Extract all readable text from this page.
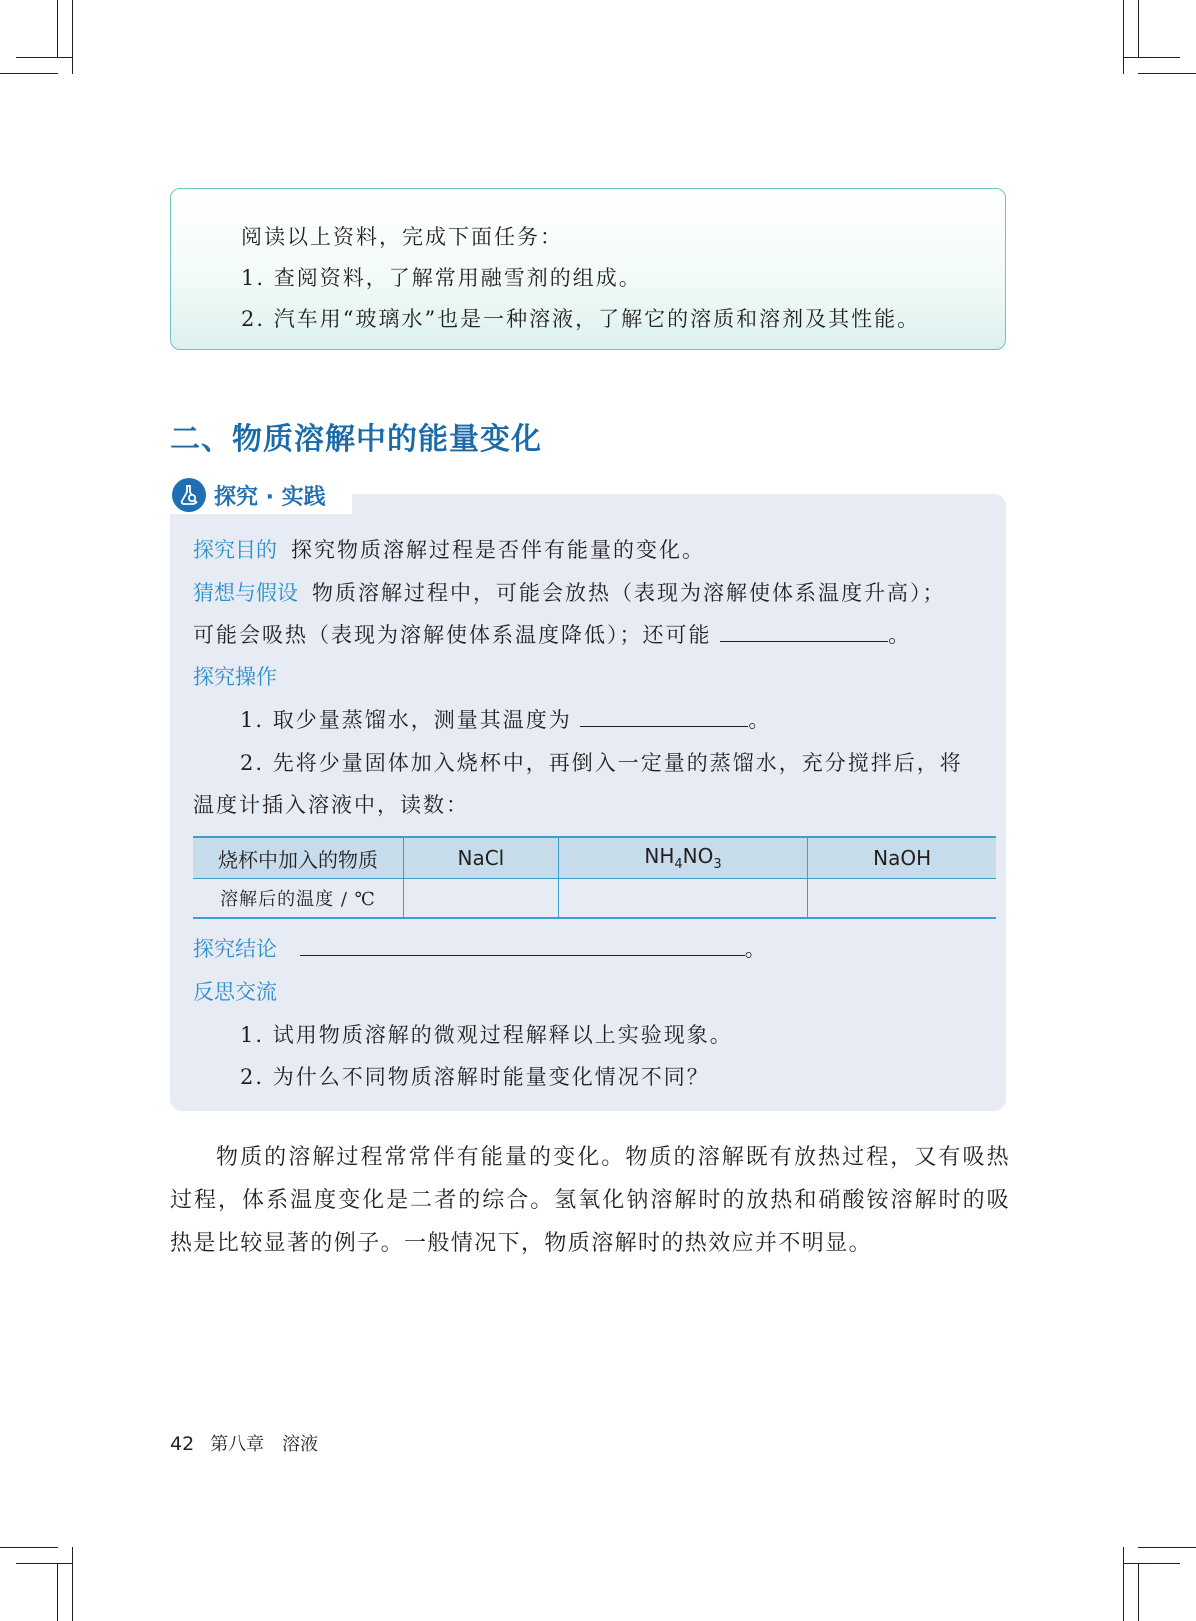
阅读以上资料，完成下面任务：
1. 查阅资料，了解常用融雪剂的组成。
2. 汽车用“玻璃水”也是一种溶液，了解它的溶质和溶剂及其性能。
二、物质溶解中的能量变化
探究 · 实践
探究目的 探究物质溶解过程是否伴有能量的变化。
猜想与假设 物质溶解过程中，可能会放热（表现为溶解使体系温度升高）；
可能会吸热（表现为溶解使体系温度降低）；还可能	。
探究操作
1. 取少量蒸馏水，测量其温度为	。
2. 先将少量固体加入烧杯中，再倒入一定量的蒸馏水，充分搅拌后，将
温度计插入溶液中，读数：
烧杯中加入的物质	NaCl	$NH_4NO_3$	NaOH
溶解后的温度 / ℃			
探究结论	。
反思交流
1. 试用物质溶解的微观过程解释以上实验现象。
2. 为什么不同物质溶解时能量变化情况不同？
物质的溶解过程常常伴有能量的变化。物质的溶解既有放热过程，又有吸热过程，体系温度变化是二者的综合。氢氧化钠溶解时的放热和硝酸铵溶解时的吸热是比较显著的例子。一般情况下，物质溶解时的热效应并不明显。
42 第八章　溶液
